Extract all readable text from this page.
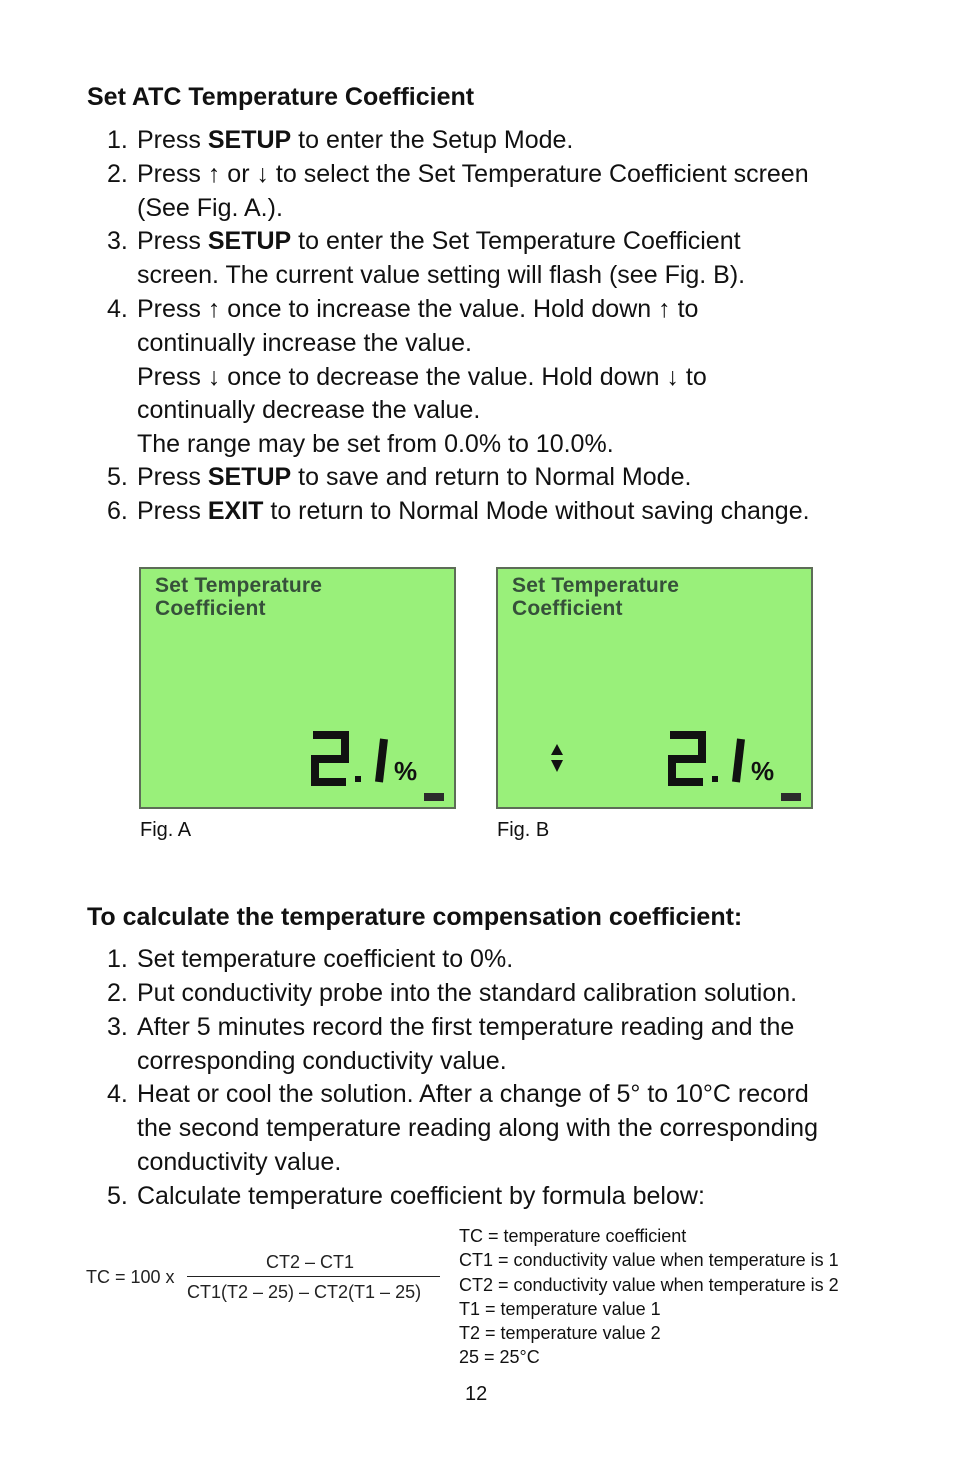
Set ATC Temperature Coefficient
1. Press SETUP to enter the Setup Mode.
2. Press ↑ or ↓ to select the Set Temperature Coefficient screen
(See Fig. A.).
3. Press SETUP to enter the Set Temperature Coefficient
screen. The current value setting will flash (see Fig. B).
4. Press ↑ once to increase the value. Hold down ↑ to
continually increase the value.
Press ↓ once to decrease the value. Hold down ↓ to
continually decrease the value.
The range may be set from 0.0% to 10.0%.
5. Press SETUP to save and return to Normal Mode.
6. Press EXIT to return to Normal Mode without saving change.
Set Temperature
Coefficient
%
Set Temperature
Coefficient
%
Fig. A	Fig. B
To calculate the temperature compensation coefficient:
1. Set temperature coefficient to 0%.
2. Put conductivity probe into the standard calibration solution.
3. After 5 minutes record the first temperature reading and the
corresponding conductivity value.
4. Heat or cool the solution. After a change of 5° to 10°C record
the second temperature reading along with the corresponding
conductivity value.
5. Calculate temperature coefficient by formula below:
TC = 100 x
CT2 – CT1
CT1(T2 – 25) – CT2(T1 – 25)
TC = temperature coefficient
CT1 = conductivity value when temperature is 1
CT2 = conductivity value when temperature is 2
T1 = temperature value 1
T2 = temperature value 2
25 = 25°C
12
